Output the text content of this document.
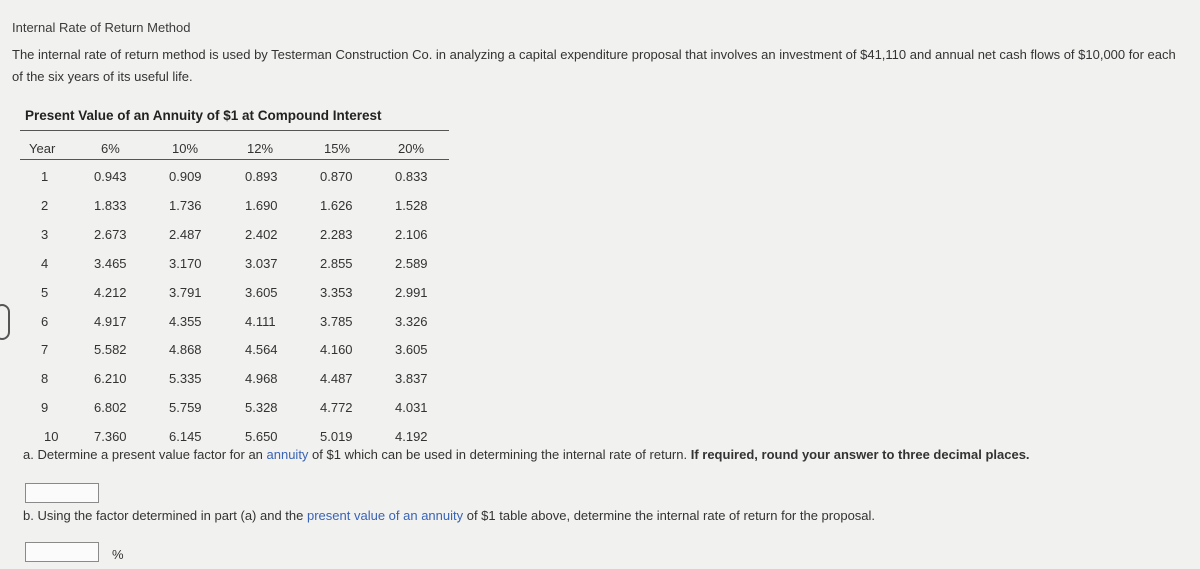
Internal Rate of Return Method
The internal rate of return method is used by Testerman Construction Co. in analyzing a capital expenditure proposal that involves an investment of $41,110 and annual net cash flows of $10,000 for each of the six years of its useful life.
Present Value of an Annuity of $1 at Compound Interest
Year	6%	10%	12%	15%	20%
1	0.943	0.909	0.893	0.870	0.833
2	1.833	1.736	1.690	1.626	1.528
3	2.673	2.487	2.402	2.283	2.106
4	3.465	3.170	3.037	2.855	2.589
5	4.212	3.791	3.605	3.353	2.991
6	4.917	4.355	4.111	3.785	3.326
7	5.582	4.868	4.564	4.160	3.605
8	6.210	5.335	4.968	4.487	3.837
9	6.802	5.759	5.328	4.772	4.031
10	7.360	6.145	5.650	5.019	4.192
a. Determine a present value factor for an annuity of $1 which can be used in determining the internal rate of return. If required, round your answer to three decimal places.
b. Using the factor determined in part (a) and the present value of an annuity of $1 table above, determine the internal rate of return for the proposal.
%
